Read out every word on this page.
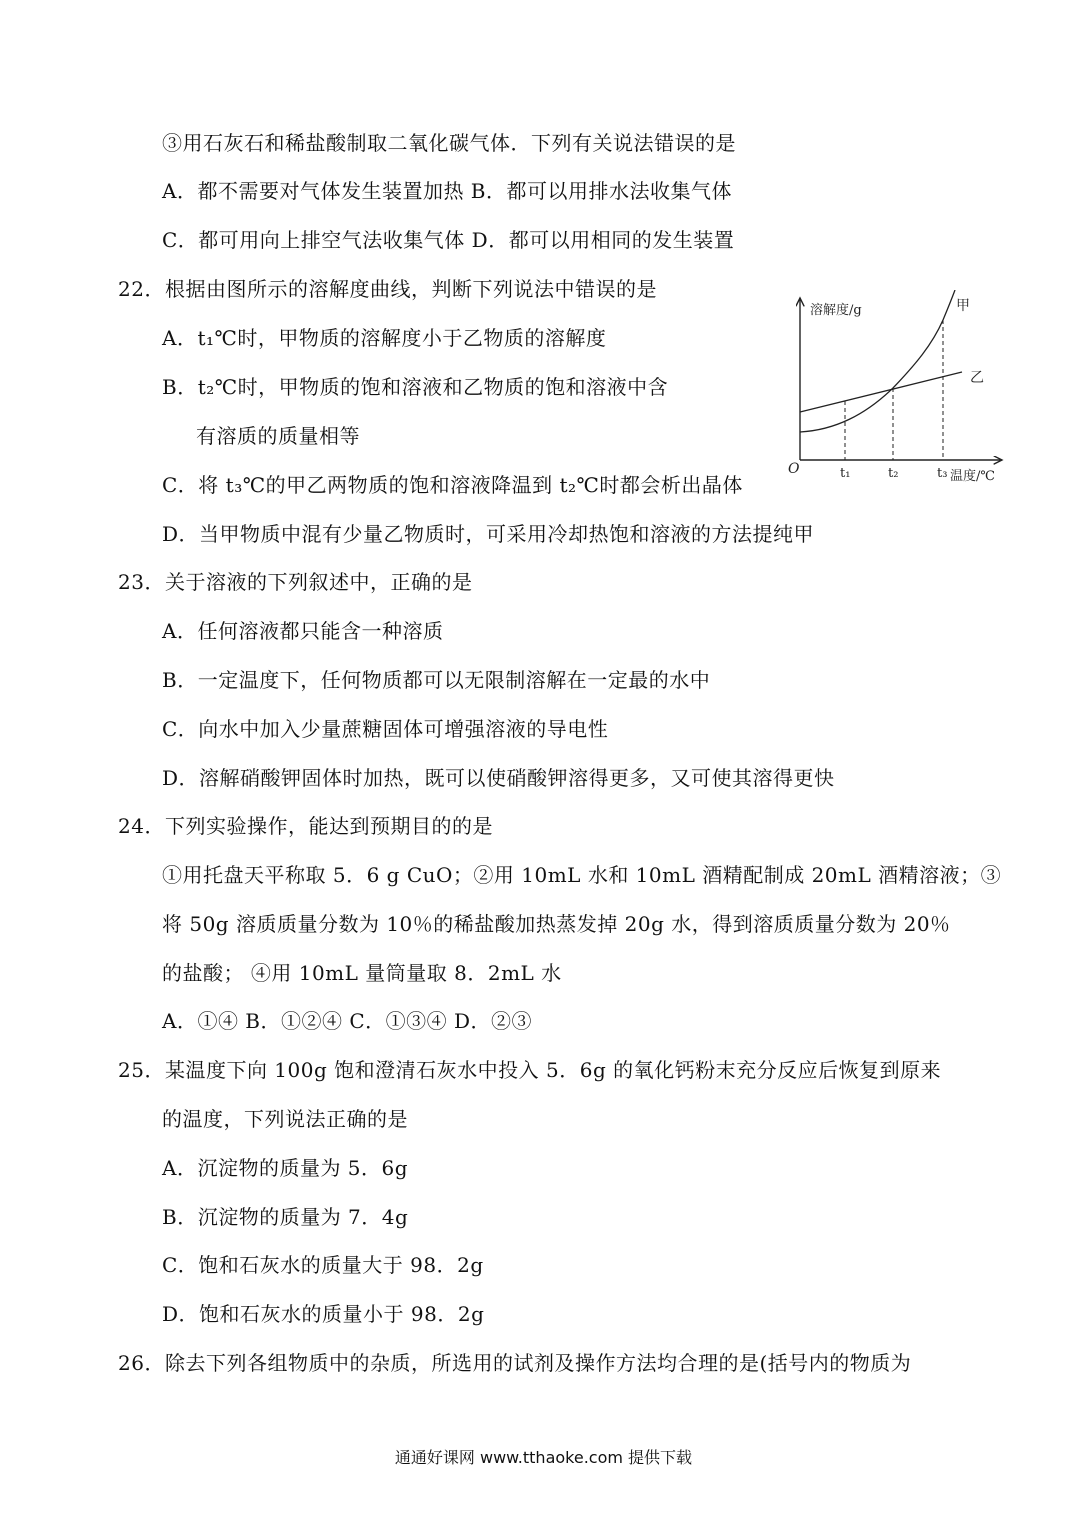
③用石灰石和稀盐酸制取二氧化碳气体．下列有关说法错误的是
A．都不需要对气体发生装置加热 B．都可以用排水法收集气体
C．都可用向上排空气法收集气体 D．都可以用相同的发生装置
22．根据由图所示的溶解度曲线，判断下列说法中错误的是
A．t₁℃时，甲物质的溶解度小于乙物质的溶解度
B．t₂℃时，甲物质的饱和溶液和乙物质的饱和溶液中含
有溶质的质量相等
C．将 t₃℃的甲乙两物质的饱和溶液降温到 t₂℃时都会析出晶体
D．当甲物质中混有少量乙物质时，可采用冷却热饱和溶液的方法提纯甲
23．关于溶液的下列叙述中，正确的是
A．任何溶液都只能含一种溶质
B．一定温度下，任何物质都可以无限制溶解在一定最的水中
C．向水中加入少量蔗糖固体可增强溶液的导电性
D．溶解硝酸钾固体时加热，既可以使硝酸钾溶得更多，又可使其溶得更快
24．下列实验操作，能达到预期目的的是
①用托盘天平称取 5．6 g CuO；②用 10mL 水和 10mL 酒精配制成 20mL 酒精溶液；③
将 50g 溶质质量分数为 10％的稀盐酸加热蒸发掉 20g 水，得到溶质质量分数为 20％
的盐酸； ④用 10mL 量筒量取 8．2mL 水
A．①④ B．①②④ C．①③④ D．②③
25．某温度下向 100g 饱和澄清石灰水中投入 5．6g 的氧化钙粉末充分反应后恢复到原来
的温度，下列说法正确的是
A．沉淀物的质量为 5．6g
B．沉淀物的质量为 7．4g
C．饱和石灰水的质量大于 98．2g
D．饱和石灰水的质量小于 98．2g
26．除去下列各组物质中的杂质，所选用的试剂及操作方法均合理的是(括号内的物质为
溶解度/g
温度/℃
O	t₁	t₂	t₃
甲
乙
通通好课网 www.tthaoke.com 提供下载
